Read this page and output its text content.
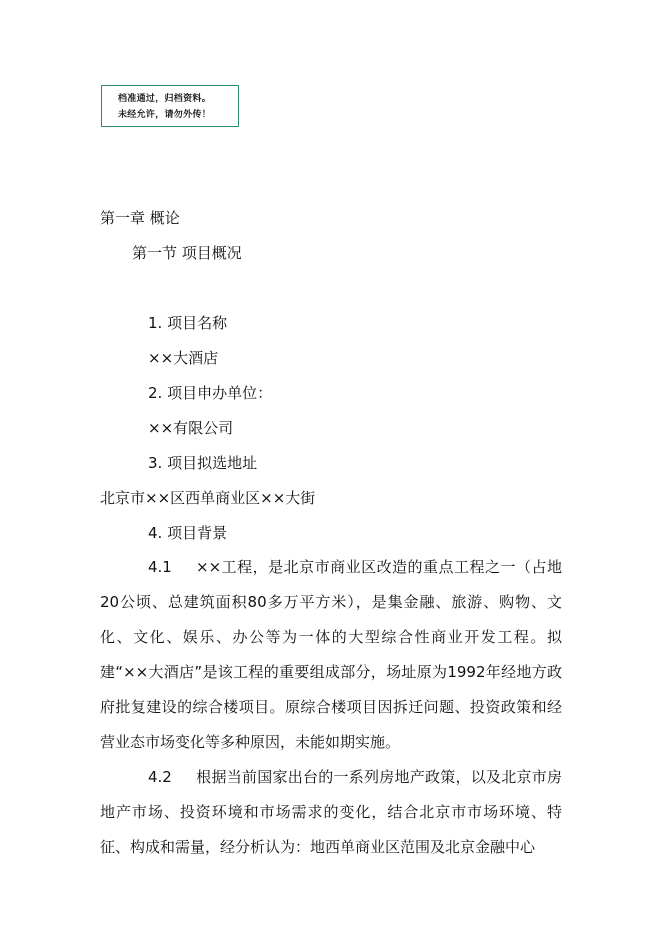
档准通过，归档资料。
未经允许，请勿外传！
第一章 概论
第一节 项目概况
1. 项目名称
××大酒店
2. 项目申办单位：
××有限公司
3. 项目拟选地址
北京市××区西单商业区××大街
4. 项目背景

4.1 ××工程，是北京市商业区改造的重点工程之一（占地20公顷、总建筑面积80多万平方米），是集金融、旅游、购物、文化、文化、娱乐、办公等为一体的大型综合性商业开发工程。拟建“××大酒店”是该工程的重要组成部分，场址原为1992年经地方政府批复建设的综合楼项目。原综合楼项目因拆迁问题、投资政策和经营业态市场变化等多种原因，未能如期实施。

4.2 根据当前国家出台的一系列房地产政策，以及北京市房地产市场、投资环境和市场需求的变化，结合北京市市场环境、特征、构成和需量，经分析认为：地西单商业区范围及北京金融中心
